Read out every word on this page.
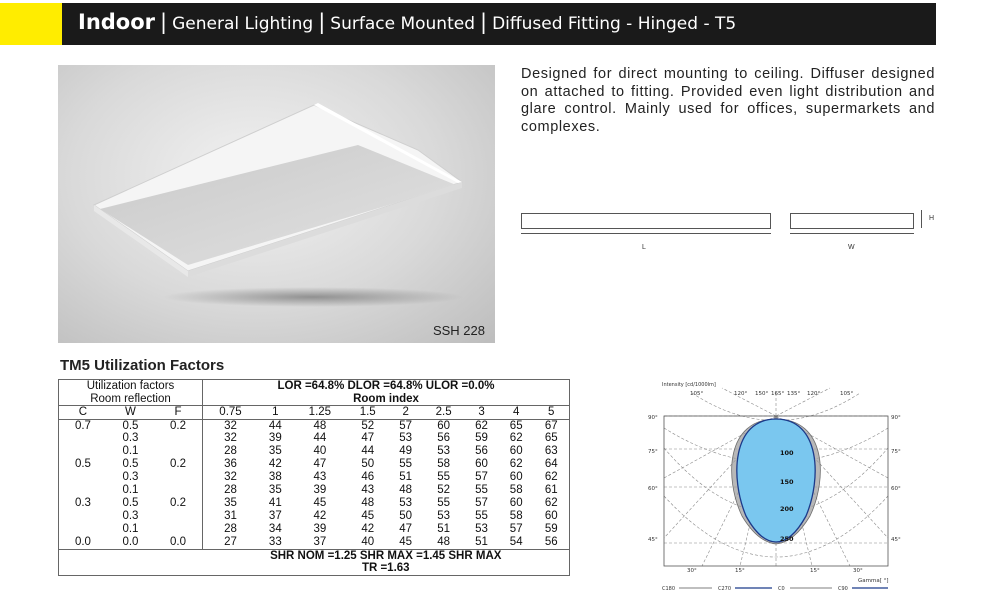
Indoor | General Lighting | Surface Mounted | Diffused Fitting - Hinged - T5
SSH 228
Designed for direct mounting to ceiling. Diffuser designed on attached to fitting. Provided even light distribution and glare control. Mainly used for offices, supermarkets and complexes.
L	W
H
TM5 Utilization Factors
Utilization factors			LOR =64.8% DLOR =64.8% ULOR =0.0%								
Room reflection			Room index								
C	W	F	0.75	1	1.25	1.5	2	2.5	3	4	5
0.7	0.5	0.2	32	44	48	52	57	60	62	65	67
	0.3		32	39	44	47	53	56	59	62	65
	0.1		28	35	40	44	49	53	56	60	63
0.5	0.5	0.2	36	42	47	50	55	58	60	62	64
	0.3		32	38	43	46	51	55	57	60	62
	0.1		28	35	39	43	48	52	55	58	61
0.3	0.5	0.2	35	41	45	48	53	55	57	60	62
	0.3		31	37	42	45	50	53	55	58	60
	0.1		28	34	39	42	47	51	53	57	59
0.0	0.0	0.0	27	33	37	40	45	48	51	54	56
			SHR NOM =1.25 SHR MAX =1.45 SHR MAX								
			TR =1.63								
Intensity [cd/1000lm]
105°	120° 150° 165° 135° 120°	105°
90°
75°
60°
45°
90°
75°
60°
45°
100
150
200
250
30°	15°	15°	30°
Gamma[ °]
C180	C270	C0	C90
